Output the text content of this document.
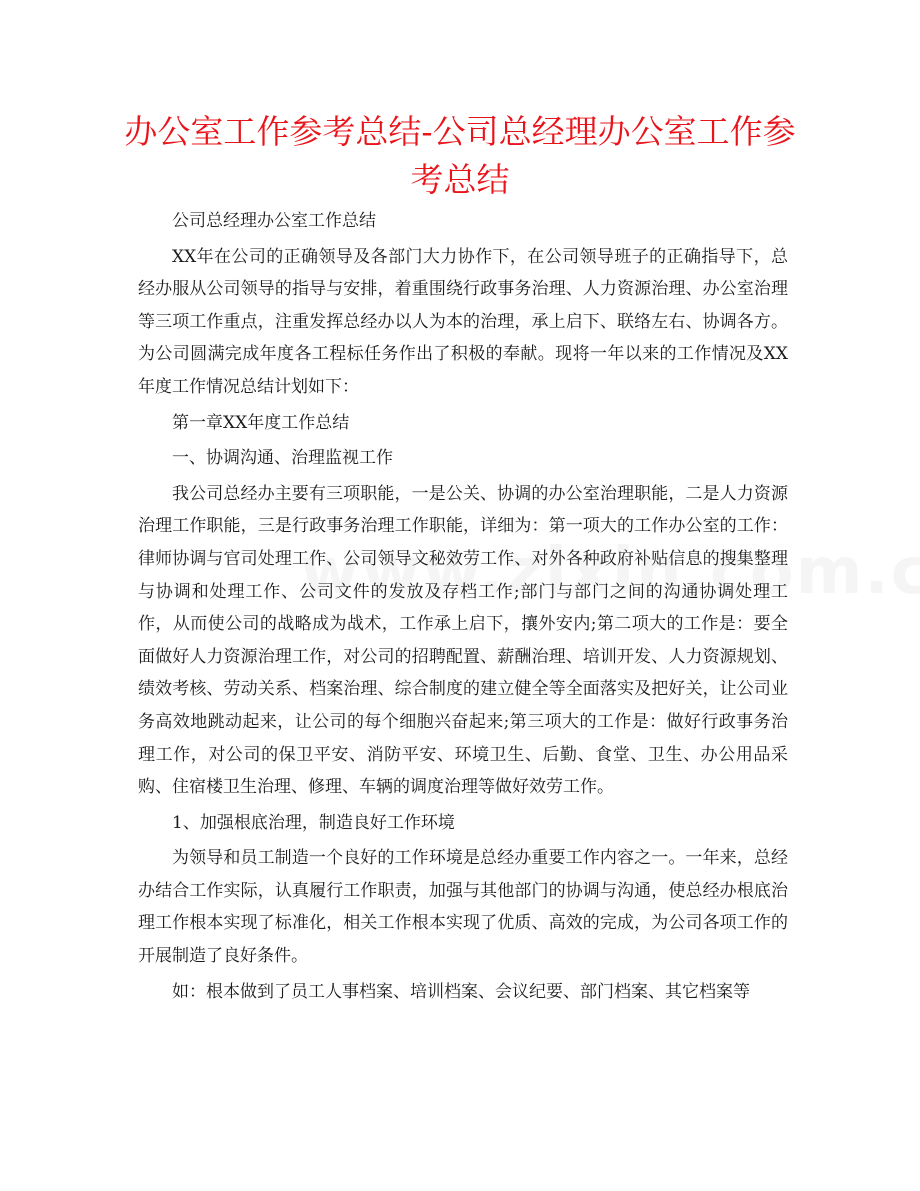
办公室工作参考总结-公司总经理办公室工作参考总结

公司总经理办公室工作总结

XX年在公司的正确领导及各部门大力协作下，在公司领导班子的正确指导下，总经办服从公司领导的指导与安排，着重围绕行政事务治理、人力资源治理、办公室治理等三项工作重点，注重发挥总经办以人为本的治理，承上启下、联络左右、协调各方。为公司圆满完成年度各工程标任务作出了积极的奉献。现将一年以来的工作情况及XX年度工作情况总结计划如下：

第一章XX年度工作总结

一、协调沟通、治理监视工作

我公司总经办主要有三项职能，一是公关、协调的办公室治理职能，二是人力资源治理工作职能，三是行政事务治理工作职能，详细为：第一项大的工作办公室的工作：律师协调与官司处理工作、公司领导文秘效劳工作、对外各种政府补贴信息的搜集整理与协调和处理工作、公司文件的发放及存档工作;部门与部门之间的沟通协调处理工作，从而使公司的战略成为战术，工作承上启下，攘外安内;第二项大的工作是：要全面做好人力资源治理工作，对公司的招聘配置、薪酬治理、培训开发、人力资源规划、绩效考核、劳动关系、档案治理、综合制度的建立健全等全面落实及把好关，让公司业务高效地跳动起来，让公司的每个细胞兴奋起来;第三项大的工作是：做好行政事务治理工作，对公司的保卫平安、消防平安、环境卫生、后勤、食堂、卫生、办公用品采购、住宿楼卫生治理、修理、车辆的调度治理等做好效劳工作。

1、加强根底治理，制造良好工作环境

为领导和员工制造一个良好的工作环境是总经办重要工作内容之一。一年来，总经办结合工作实际，认真履行工作职责，加强与其他部门的协调与沟通，使总经办根底治理工作根本实现了标准化，相关工作根本实现了优质、高效的完成，为公司各项工作的开展制造了良好条件。

如：根本做到了员工人事档案、培训档案、会议纪要、部门档案、其它档案等
